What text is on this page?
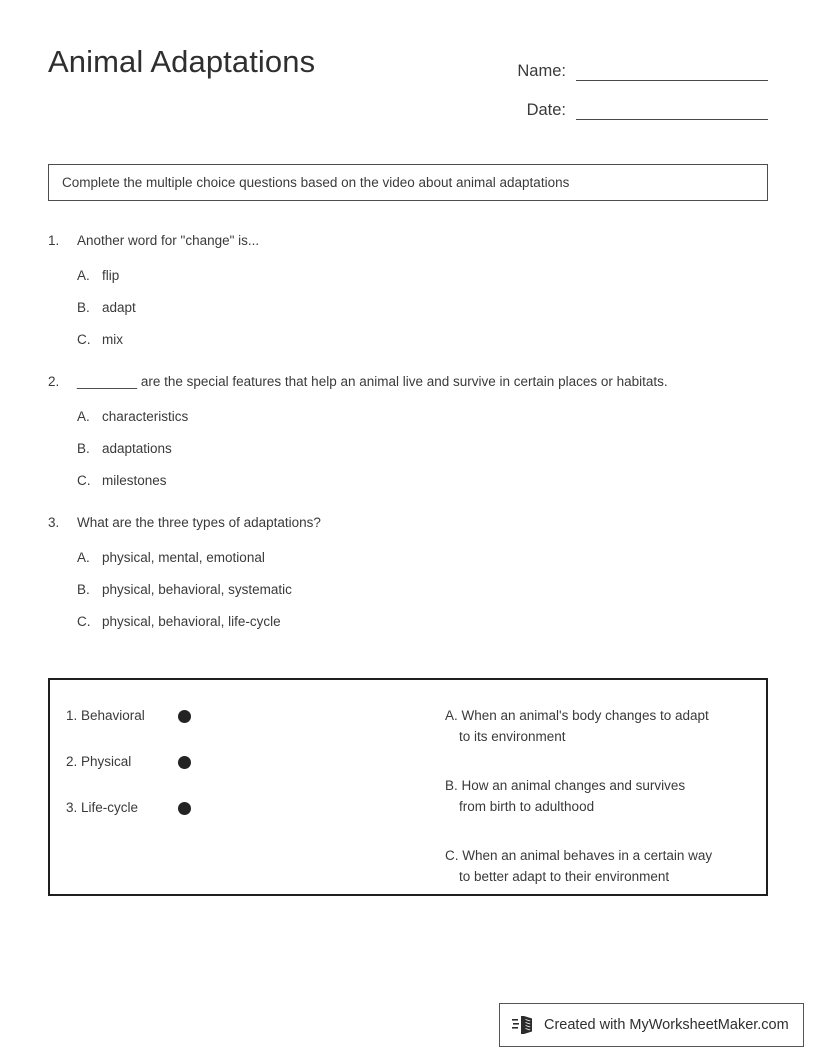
Animal Adaptations	Name:
Date:
Complete the multiple choice questions based on the video about animal adaptations
1.	Another word for "change" is...
A. flip
B. adapt
C. mix
2.	________ are the special features that help an animal live and survive in certain places or habitats.
A. characteristics
B. adaptations
C. milestones
3.	What are the three types of adaptations?
A. physical, mental, emotional
B. physical, behavioral, systematic
C. physical, behavioral, life-cycle
1. Behavioral
2. Physical
3. Life-cycle
A. When an animal's body changes to adapt
to its environment
B. How an animal changes and survives
from birth to adulthood
C. When an animal behaves in a certain way
to better adapt to their environment
Created with MyWorksheetMaker.com
